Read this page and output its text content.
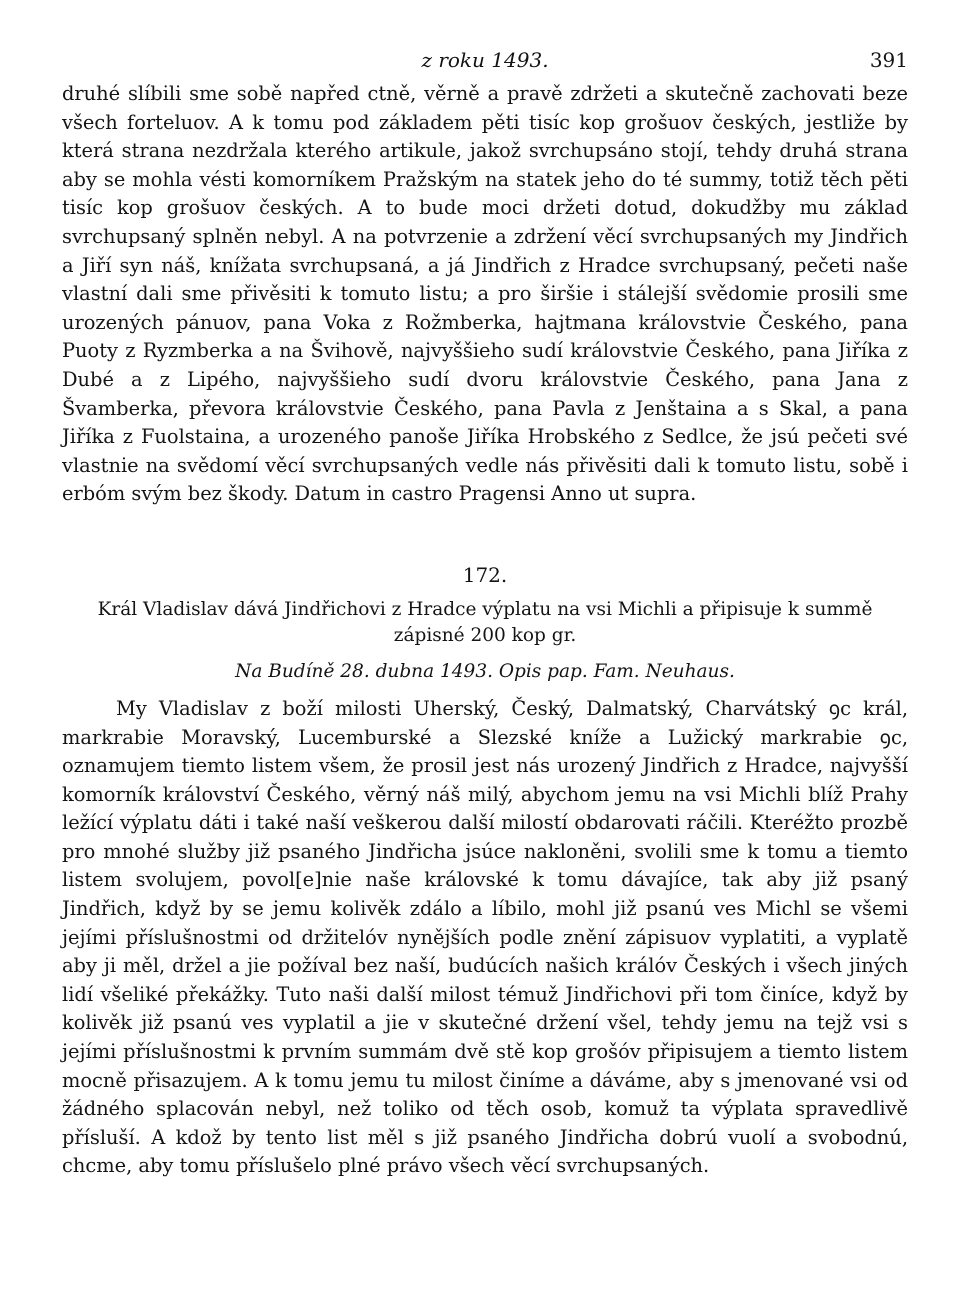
z roku 1493.	391

druhé slíbili sme sobě napřed ctně, věrně a pravě zdržeti a skutečně zachovati beze všech forteluov. A k tomu pod základem pěti tisíc kop grošuov českých, jestliže by která strana nezdržala kterého artikule, jakož svrchupsáno stojí, tehdy druhá strana aby se mohla vésti komorníkem Pražským na statek jeho do té summy, totiž těch pěti tisíc kop grošuov českých. A to bude moci držeti dotud, dokudžby mu základ svrchupsaný splněn nebyl. A na potvrzenie a zdržení věcí svrchupsaných my Jindřich a Jiří syn náš, knížata svrchupsaná, a já Jindřich z Hradce svrchupsaný, pečeti naše vlastní dali sme přivěsiti k tomuto listu; a pro širšie i stálejší svědomie prosili sme urozených pánuov, pana Voka z Rožmberka, hajtmana královstvie Českého, pana Puoty z Ryzmberka a na Švihově, najvyššieho sudí královstvie Českého, pana Jiříka z Dubé a z Lipého, najvyššieho sudí dvoru královstvie Českého, pana Jana z Švamberka, převora královstvie Českého, pana Pavla z Jenštaina a s Skal, a pana Jiříka z Fuolstaina, a urozeného panoše Jiříka Hrobského z Sedlce, že jsú pečeti své vlastnie na svědomí věcí svrchupsaných vedle nás přivěsiti dali k tomuto listu, sobě i erbóm svým bez škody. Datum in castro Pragensi Anno ut supra.

172.

Král Vladislav dává Jindřichovi z Hradce výplatu na vsi Michli a připisuje k summě zápisné 200 kop gr.

Na Budíně 28. dubna 1493. Opis pap. Fam. Neuhaus.

My Vladislav z boží milosti Uherský, Český, Dalmatský, Charvátský ꝯc král, markrabie Moravský, Lucemburské a Slezské kníže a Lužický markrabie ꝯc, oznamujem tiemto listem všem, že prosil jest nás urozený Jindřich z Hradce, najvyšší komorník království Českého, věrný náš milý, abychom jemu na vsi Michli blíž Prahy ležící výplatu dáti i také naší veškerou další milostí obdarovati ráčili. Kteréžto prozbě pro mnohé služby již psaného Jindřicha jsúce nakloněni, svolili sme k tomu a tiemto listem svolujem, povol[e]nie naše královské k tomu dávajíce, tak aby již psaný Jindřich, když by se jemu kolivěk zdálo a líbilo, mohl již psanú ves Michl se všemi jejími příslušnostmi od držitelóv nynějších podle znění zápisuov vyplatiti, a vyplatě aby ji měl, držel a jie požíval bez naší, budúcích našich králóv Českých i všech jiných lidí všeliké překážky. Tuto naši další milost témuž Jindřichovi při tom činíce, když by kolivěk již psanú ves vyplatil a jie v skutečné držení všel, tehdy jemu na tejž vsi s jejími příslušnostmi k prvním summám dvě stě kop grošóv připisujem a tiemto listem mocně přisazujem. A k tomu jemu tu milost činíme a dáváme, aby s jmenované vsi od žádného splacován nebyl, než toliko od těch osob, komuž ta výplata spravedlivě přísluší. A kdož by tento list měl s již psaného Jindřicha dobrú vuolí a svobodnú, chcme, aby tomu příslušelo plné právo všech věcí svrchupsaných.
